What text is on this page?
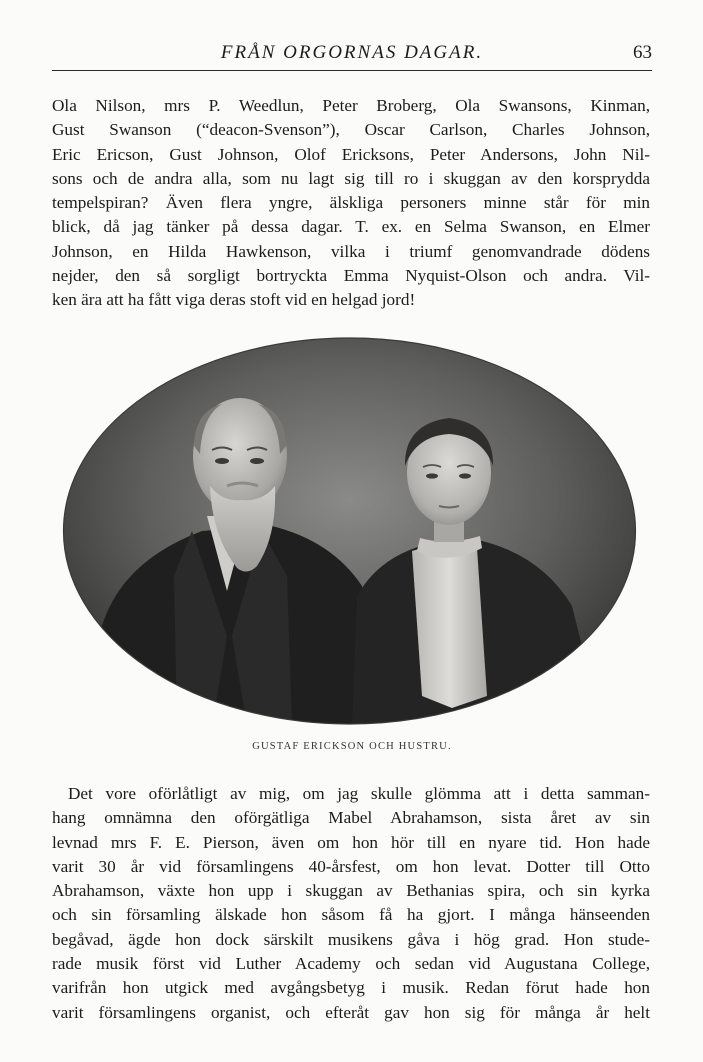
FRÅN ORGORNAS DAGAR.	63
Ola Nilson, mrs P. Weedlun, Peter Broberg, Ola Swansons, Kinman,
Gust Swanson (“deacon-Svenson”), Oscar Carlson, Charles Johnson,
Eric Ericson, Gust Johnson, Olof Ericksons, Peter Andersons, John Nil-
sons och de andra alla, som nu lagt sig till ro i skuggan av den korsprydda
tempelspiran? Även flera yngre, älskliga personers minne står för min
blick, då jag tänker på dessa dagar. T. ex. en Selma Swanson, en Elmer
Johnson, en Hilda Hawkenson, vilka i triumf genomvandrade dödens
nejder, den så sorgligt bortryckta Emma Nyquist-Olson och andra. Vil-
ken ära att ha fått viga deras stoft vid en helgad jord!
GUSTAF ERICKSON OCH HUSTRU.
Det vore oförlåtligt av mig, om jag skulle glömma att i detta samman-
hang omnämna den oförgätliga Mabel Abrahamson, sista året av sin
levnad mrs F. E. Pierson, även om hon hör till en nyare tid. Hon hade
varit 30 år vid församlingens 40-årsfest, om hon levat. Dotter till Otto
Abrahamson, växte hon upp i skuggan av Bethanias spira, och sin kyrka
och sin församling älskade hon såsom få ha gjort. I många hänseenden
begåvad, ägde hon dock särskilt musikens gåva i hög grad. Hon stude-
rade musik först vid Luther Academy och sedan vid Augustana College,
varifrån hon utgick med avgångsbetyg i musik. Redan förut hade hon
varit församlingens organist, och efteråt gav hon sig för många år helt
